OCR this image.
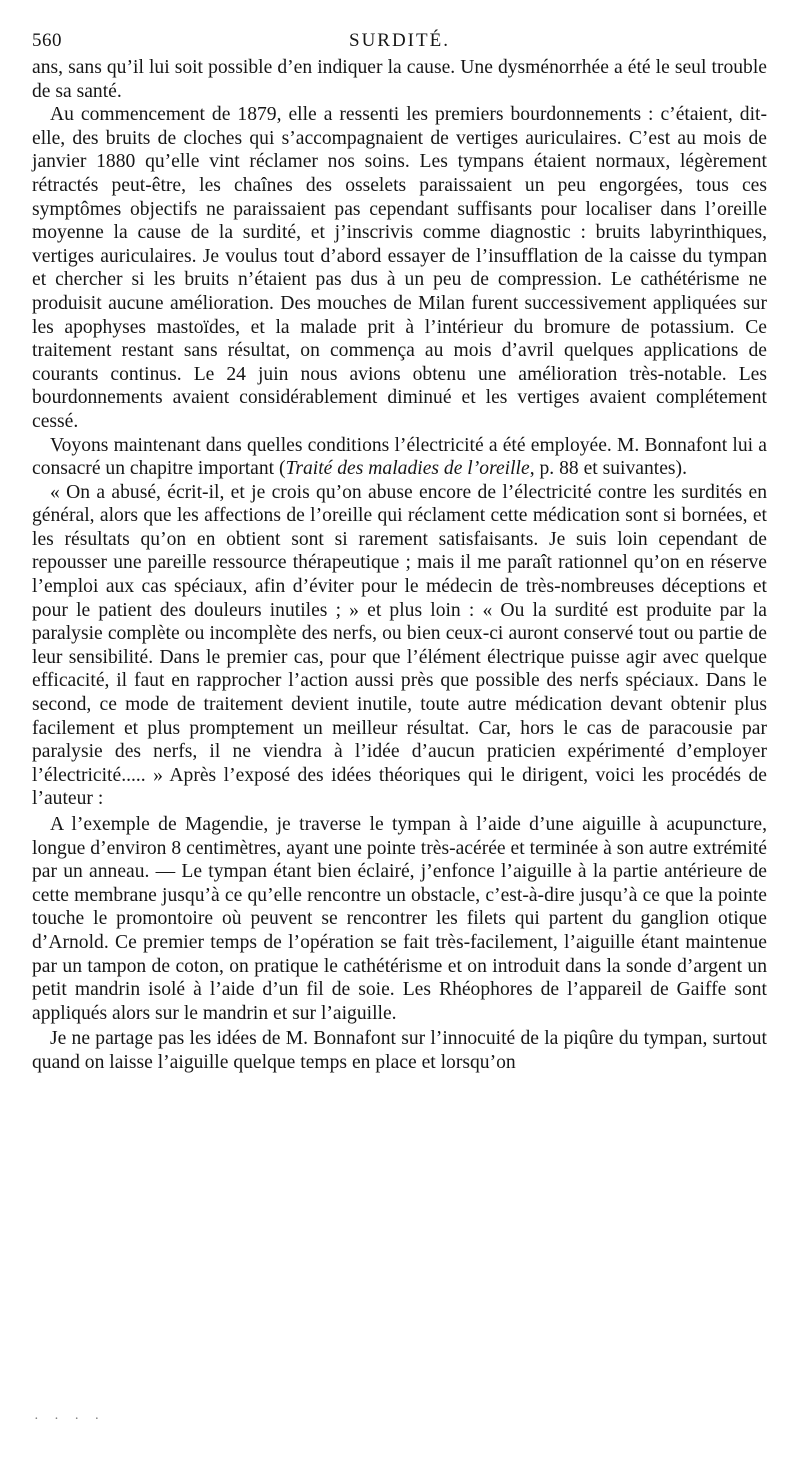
560	SURDITÉ.

ans, sans qu’il lui soit possible d’en indiquer la cause. Une dysménorrhée a été le seul trouble de sa santé.

Au commencement de 1879, elle a ressenti les premiers bourdonnements : c’étaient, dit-elle, des bruits de cloches qui s’accompagnaient de vertiges auriculaires. C’est au mois de janvier 1880 qu’elle vint réclamer nos soins. Les tympans étaient normaux, légèrement rétractés peut-être, les chaînes des osselets paraissaient un peu engorgées, tous ces symptômes objectifs ne paraissaient pas cependant suffisants pour localiser dans l’oreille moyenne la cause de la surdité, et j’inscrivis comme diagnostic : bruits labyrinthiques, vertiges auriculaires. Je voulus tout d’abord essayer de l’insufflation de la caisse du tympan et chercher si les bruits n’étaient pas dus à un peu de compression. Le cathétérisme ne produisit aucune amélioration. Des mouches de Milan furent successivement appliquées sur les apophyses mastoïdes, et la malade prit à l’intérieur du bromure de potassium. Ce traitement restant sans résultat, on commença au mois d’avril quelques applications de courants continus. Le 24 juin nous avions obtenu une amélioration très-notable. Les bourdonnements avaient considérablement diminué et les vertiges avaient complétement cessé.

Voyons maintenant dans quelles conditions l’électricité a été employée. M. Bonnafont lui a consacré un chapitre important (Traité des maladies de l’oreille, p. 88 et suivantes).

« On a abusé, écrit-il, et je crois qu’on abuse encore de l’électricité contre les surdités en général, alors que les affections de l’oreille qui réclament cette médication sont si bornées, et les résultats qu’on en obtient sont si rarement satisfaisants. Je suis loin cependant de repousser une pareille ressource thérapeutique ; mais il me paraît rationnel qu’on en réserve l’emploi aux cas spéciaux, afin d’éviter pour le médecin de très-nombreuses déceptions et pour le patient des douleurs inutiles ; » et plus loin : « Ou la surdité est produite par la paralysie complète ou incomplète des nerfs, ou bien ceux-ci auront conservé tout ou partie de leur sensibilité. Dans le premier cas, pour que l’élément électrique puisse agir avec quelque efficacité, il faut en rapprocher l’action aussi près que possible des nerfs spéciaux. Dans le second, ce mode de traitement devient inutile, toute autre médication devant obtenir plus facilement et plus promptement un meilleur résultat. Car, hors le cas de paracousie par paralysie des nerfs, il ne viendra à l’idée d’aucun praticien expérimenté d’employer l’électricité..... » Après l’exposé des idées théoriques qui le dirigent, voici les procédés de l’auteur :

A l’exemple de Magendie, je traverse le tympan à l’aide d’une aiguille à acupuncture, longue d’environ 8 centimètres, ayant une pointe très-acérée et terminée à son autre extrémité par un anneau. — Le tympan étant bien éclairé, j’enfonce l’aiguille à la partie antérieure de cette membrane jusqu’à ce qu’elle rencontre un obstacle, c’est-à-dire jusqu’à ce que la pointe touche le promontoire où peuvent se rencontrer les filets qui partent du ganglion otique d’Arnold. Ce premier temps de l’opération se fait très-facilement, l’aiguille étant maintenue par un tampon de coton, on pratique le cathétérisme et on introduit dans la sonde d’argent un petit mandrin isolé à l’aide d’un fil de soie. Les Rhéophores de l’appareil de Gaiffe sont appliqués alors sur le mandrin et sur l’aiguille.

Je ne partage pas les idées de M. Bonnafont sur l’innocuité de la piqûre du tympan, surtout quand on laisse l’aiguille quelque temps en place et lorsqu’on

· · · ·
